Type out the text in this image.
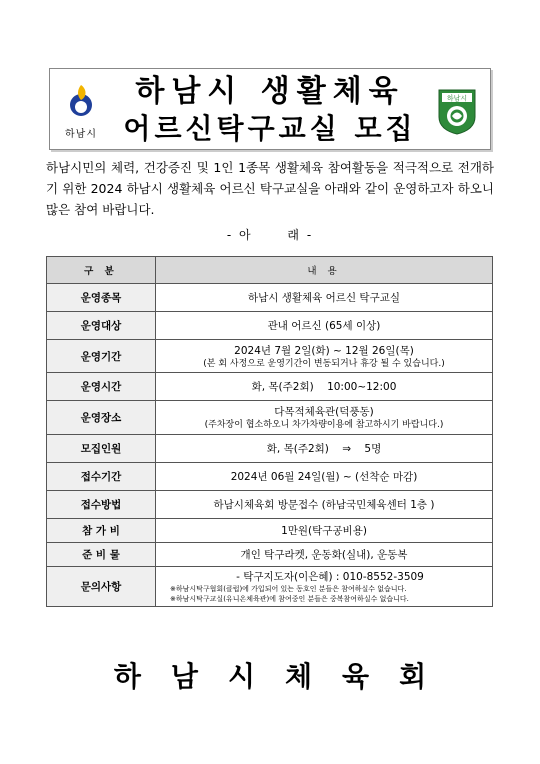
하남시
하남시 생활체육
어르신탁구교실 모집
하남시
하남시민의 체력, 건강증진 및 1인 1종목 생활체육 참여활동을 적극적으로 전개하기 위한 2024 하남시 생활체육 어르신 탁구교실을 아래와 같이 운영하고자 하오니 많은 참여 바랍니다.
- 아      래 -
구 분	내 용
운영종목	하남시 생활체육 어르신 탁구교실
운영대상	관내 어르신 (65세 이상)
운영기간	2024년 7월 2일(화) ~ 12월 26일(목)
(본 회 사정으로 운영기간이 변동되거나 휴강 될 수 있습니다.)

운영시간	화, 목(주2회)    10:00~12:00
운영장소	다목적체육관(덕풍동)
(주차장이 협소하오니 차가차량이용에 참고하시기 바랍니다.)

모집인원	화, 목(주2회)    ⇒    5명
접수기간	2024년 06월 24일(월) ~ (선착순 마감)
접수방법	하남시체육회 방문접수 (하남국민체육센터 1층 )
참 가 비	1만원(탁구공비용)
준 비 물	개인 탁구라켓, 운동화(실내), 운동복
문의사항	- 탁구지도자(이은혜) : 010-8552-3509
※하남시탁구협회(클럽)에 가입되어 있는 동호인 분들은 참여하실수 없습니다.
※하남시탁구교실(유니온체육관)에 참여중인 분들은 중복참여하실수 없습니다.
하남시체육회
